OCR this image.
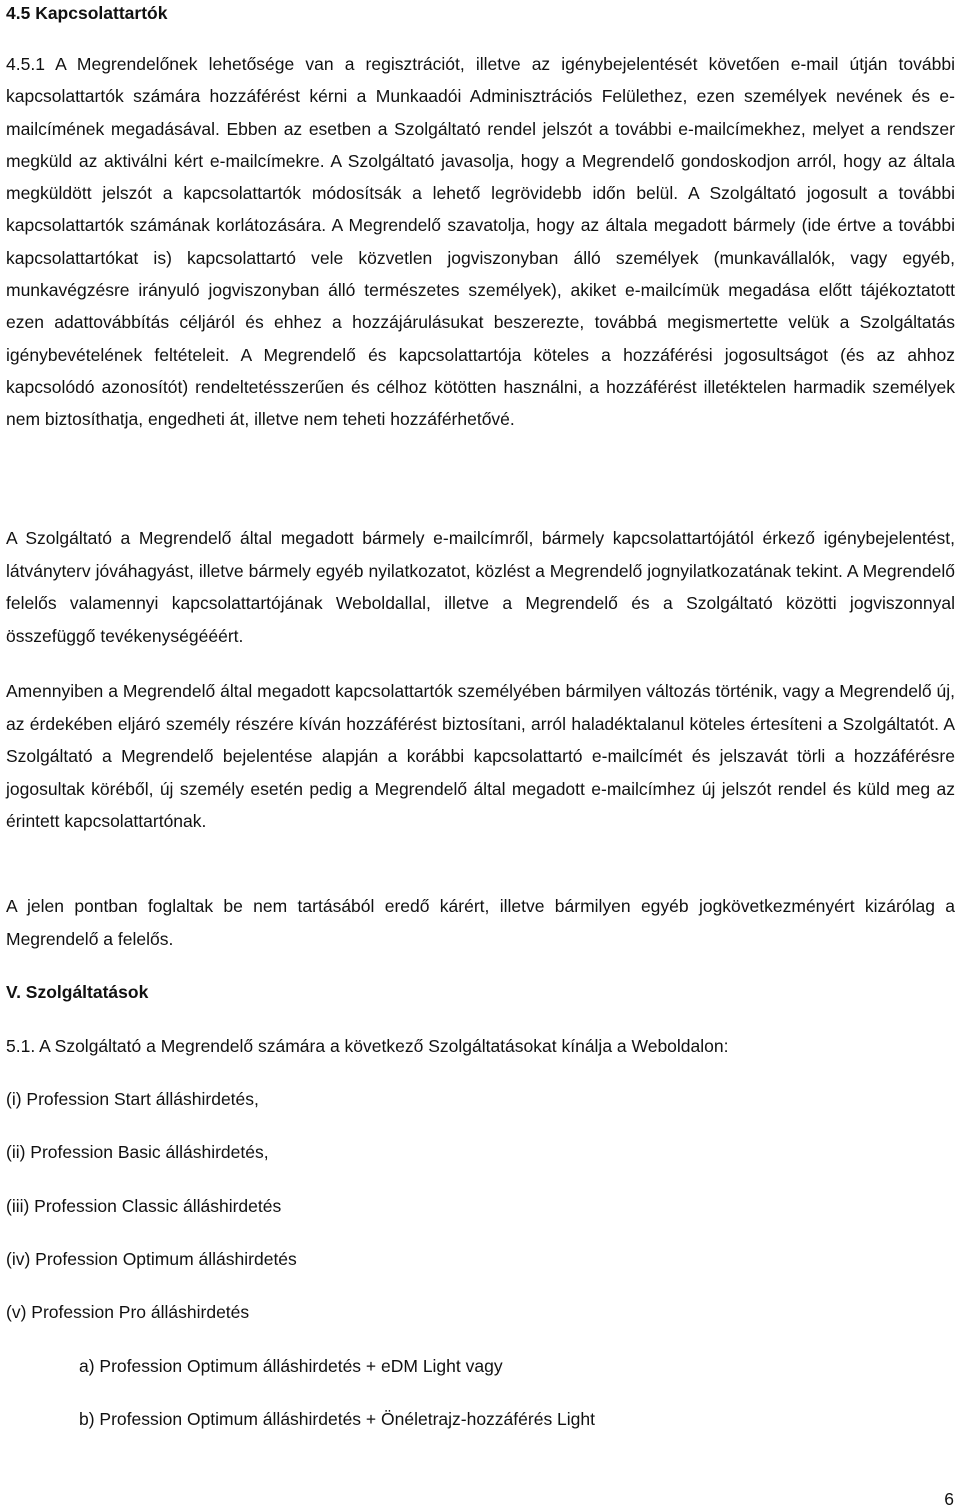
4.5 Kapcsolattartók

4.5.1 A Megrendelőnek lehetősége van a regisztrációt, illetve az igénybejelentését követően e-mail útján további kapcsolattartók számára hozzáférést kérni a Munkaadói Adminisztrációs Felülethez, ezen személyek nevének és e-mailcímének megadásával. Ebben az esetben a Szolgáltató rendel jelszót a további e-mailcímekhez, melyet a rendszer megküld az aktiválni kért e-mailcímekre. A Szolgáltató javasolja, hogy a Megrendelő gondoskodjon arról, hogy az általa megküldött jelszót a kapcsolattartók módosítsák a lehető legrövidebb időn belül. A Szolgáltató jogosult a további kapcsolattartók számának korlátozására. A Megrendelő szavatolja, hogy az általa megadott bármely (ide értve a további kapcsolattartókat is) kapcsolattartó vele közvetlen jogviszonyban álló személyek (munkavállalók, vagy egyéb, munkavégzésre irányuló jogviszonyban álló természetes személyek), akiket e-mailcímük megadása előtt tájékoztatott ezen adattovábbítás céljáról és ehhez a hozzájárulásukat beszerezte, továbbá megismertette velük a Szolgáltatás igénybevételének feltételeit. A Megrendelő és kapcsolattartója köteles a hozzáférési jogosultságot (és az ahhoz kapcsolódó azonosítót) rendeltetésszerűen és célhoz kötötten használni, a hozzáférést illetéktelen harmadik személyek nem biztosíthatja, engedheti át, illetve nem teheti hozzáférhetővé.

A Szolgáltató a Megrendelő által megadott bármely e-mailcímről, bármely kapcsolattartójától érkező igénybejelentést, látványterv jóváhagyást, illetve bármely egyéb nyilatkozatot, közlést a Megrendelő jognyilatkozatának tekint. A Megrendelő felelős valamennyi kapcsolattartójának Weboldallal, illetve a Megrendelő és a Szolgáltató közötti jogviszonnyal összefüggő tevékenységééért.

Amennyiben a Megrendelő által megadott kapcsolattartók személyében bármilyen változás történik, vagy a Megrendelő új, az érdekében eljáró személy részére kíván hozzáférést biztosítani, arról haladéktalanul köteles értesíteni a Szolgáltatót. A Szolgáltató a Megrendelő bejelentése alapján a korábbi kapcsolattartó e-mailcímét és jelszavát törli a hozzáférésre jogosultak köréből, új személy esetén pedig a Megrendelő által megadott e-mailcímhez új jelszót rendel és küld meg az érintett kapcsolattartónak.

A jelen pontban foglaltak be nem tartásából eredő kárért, illetve bármilyen egyéb jogkövetkezményért kizárólag a Megrendelő a felelős.

V. Szolgáltatások

5.1. A Szolgáltató a Megrendelő számára a következő Szolgáltatásokat kínálja a Weboldalon:

(i) Profession Start álláshirdetés,

(ii) Profession Basic álláshirdetés,

(iii) Profession Classic álláshirdetés

(iv) Profession Optimum álláshirdetés

(v) Profession Pro álláshirdetés

a) Profession Optimum álláshirdetés + eDM Light vagy

b) Profession Optimum álláshirdetés + Önéletrajz-hozzáférés Light

6
